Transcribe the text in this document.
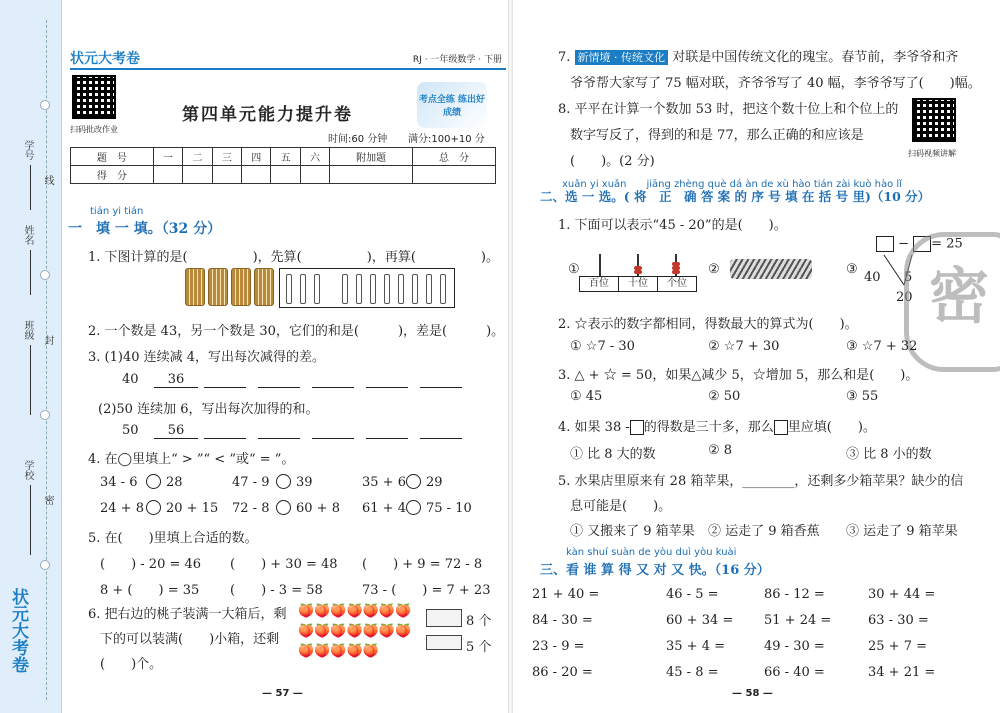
学号
姓名
班级
学校
线
封
密
状元大考卷
状元大考卷	RJ · 一年级数学 · 下册
扫码批改作业
第四单元能力提升卷
考点全练 练出好成绩
时间:60 分钟 满分:100+10 分
题　号	一	二	三	四	五	六	附加题	总　分
得　分								
tián yi tián
一　填 一 填。（32 分）
1. 下图计算的是(　　　　　)，先算(　　　　　)，再算(　　　　　)。
2. 一个数是 43，另一个数是 30，它们的和是(　　　)，差是(　　　)。
3. (1)40 连续减 4，写出每次减得的差。
40	36
(2)50 连续加 6，写出每次加得的和。
50	56
4. 在◯里填上“ > ”“ < ”或“ = ”。
34 - 6 28	47 - 9 39	35 + 6 29
24 + 8 20 + 15 72 - 8 60 + 8 61 + 4 75 - 10
5. 在(　　)里填上合适的数。
(　　) - 20 = 46 (　　) + 30 = 48 (　　) + 9 = 72 - 8
8 + (　　) = 35 (　　) - 3 = 58	73 - (　　) = 7 + 23
6. 把右边的桃子装满一大箱后，剩
下的可以装满(　　)小箱，还剩
(　　)个。
🍑🍑🍑🍑🍑🍑🍑
🍑🍑🍑🍑🍑🍑🍑
🍑🍑🍑🍑🍑
8 个
5 个
— 57 —
7. 新情境 · 传统文化 对联是中国传统文化的瑰宝。春节前，李爷爷和齐
爷爷帮大家写了 75 幅对联，齐爷爷写了 40 幅，李爷爷写了(　　)幅。
8. 平平在计算一个数加 53 时，把这个数十位上和个位上的
数字写反了，得到的和是 77，那么正确的和应该是
(　　)。(2 分)
扫码视频讲解
xuǎn yi xuǎn　　jiāng zhèng què dá àn de xù hào tián zài kuò hào lǐ
二、选 一 选。( 将　正　确 答 案 的 序 号 填 在 括 号 里)（10 分）
1. 下面可以表示“45 - 20”的是(　　)。
①
百位	十位	个位
②	③
− = 25
40 5
20 密
2. ☆表示的数字都相同，得数最大的算式为(　　)。
① ☆7 - 30	② ☆7 + 30	③ ☆7 + 32
3. △ + ☆ = 50，如果△减少 5，☆增加 5，那么和是(　　)。
① 45	② 50	③ 55
4. 如果 38 - 的得数是三十多，那么 里应填(　　)。
① 比 8 大的数	② 8	③ 比 8 小的数
5. 水果店里原来有 28 箱苹果，________，还剩多少箱苹果？缺少的信
息可能是(　　)。
① 又搬来了 9 箱苹果 ② 运走了 9 箱香蕉 ③ 运走了 9 箱苹果
kàn shuí suàn de yòu duì yòu kuài
三、看 谁 算 得 又 对 又 快。（16 分）
21 + 40 =	46 - 5 =	86 - 12 =	30 + 44 =
84 - 30 =	60 + 34 = 51 + 24 =	63 - 30 =
23 - 9 =	35 + 4 =	49 - 30 =	25 + 7 =
86 - 20 =	45 - 8 =	66 - 40 =	34 + 21 =
— 58 —
